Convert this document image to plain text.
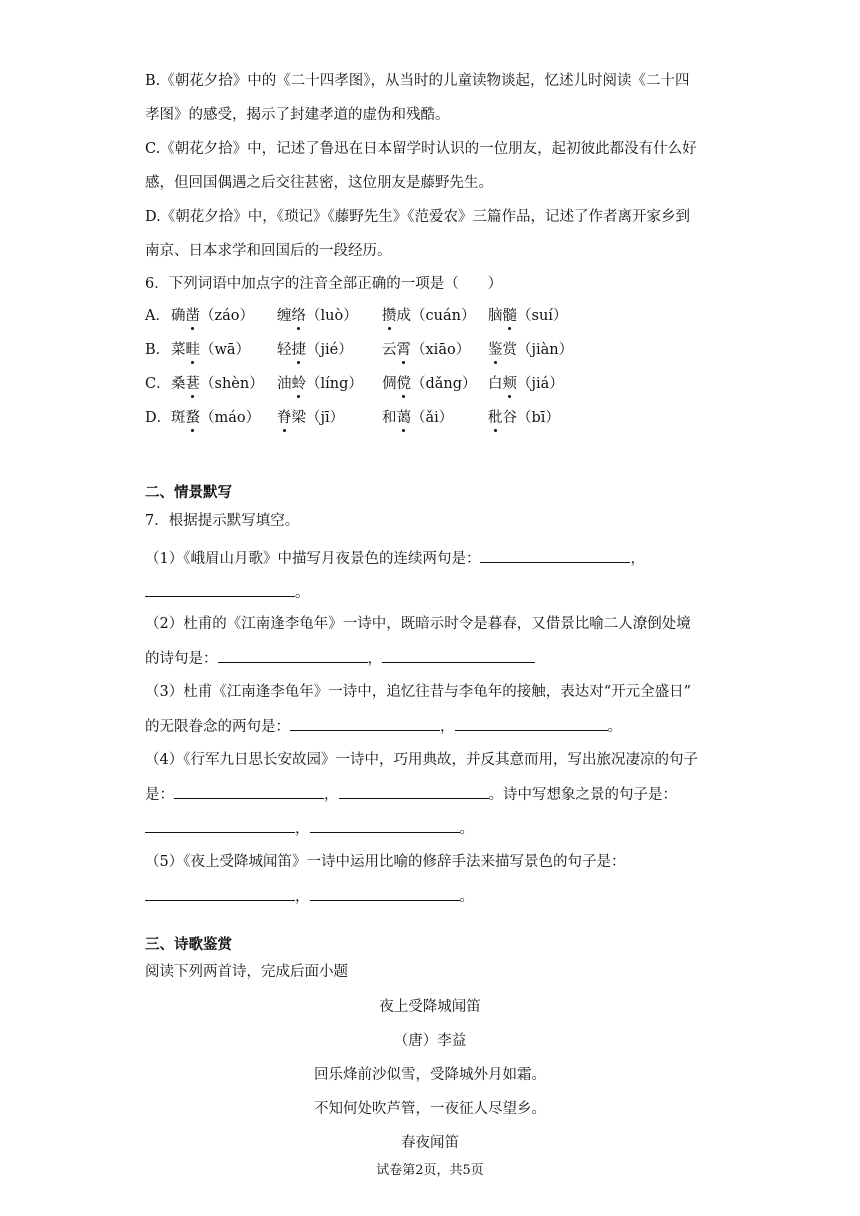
B.《朝花夕拾》中的《二十四孝图》，从当时的儿童读物谈起，忆述儿时阅读《二十四
孝图》的感受，揭示了封建孝道的虚伪和残酷。
C.《朝花夕拾》中，记述了鲁迅在日本留学时认识的一位朋友，起初彼此都没有什么好
感，但回国偶遇之后交往甚密，这位朋友是藤野先生。
D.《朝花夕拾》中，《琐记》《藤野先生》《范爱农》三篇作品，记述了作者离开家乡到
南京、日本求学和回国后的一段经历。
6．下列词语中加点字的注音全部正确的一项是（　　）
A． 确凿（záo） 缠络（luò） 攒成（cuán） 脑髓（suí）
B． 菜畦（wā） 轻捷（jié） 云霄（xiāo） 鉴赏（jiàn）
C． 桑葚（shèn） 油蛉（líng） 倜傥（dǎng） 白颊（jiá）
D． 斑蝥（máo） 脊梁（jī）	和蔼（ǎi） 秕谷（bī）
二、情景默写
7．根据提示默写填空。
（1）《峨眉山月歌》中描写月夜景色的连续两句是：	，
。
（2）杜甫的《江南逢李龟年》一诗中，既暗示时令是暮春，又借景比喻二人潦倒处境
的诗句是：	，
（3）杜甫《江南逢李龟年》一诗中，追忆往昔与李龟年的接触，表达对“开元全盛日”
的无限眷念的两句是：	，	。
（4）《行军九日思长安故园》一诗中，巧用典故，并反其意而用，写出旅况凄凉的句子
是：	，	。诗中写想象之景的句子是：
，	。
（5）《夜上受降城闻笛》一诗中运用比喻的修辞手法来描写景色的句子是：
，	。
三、诗歌鉴赏
阅读下列两首诗，完成后面小题
夜上受降城闻笛
（唐）李益
回乐烽前沙似雪，受降城外月如霜。
不知何处吹芦管，一夜征人尽望乡。
春夜闻笛
试卷第2页，共5页
